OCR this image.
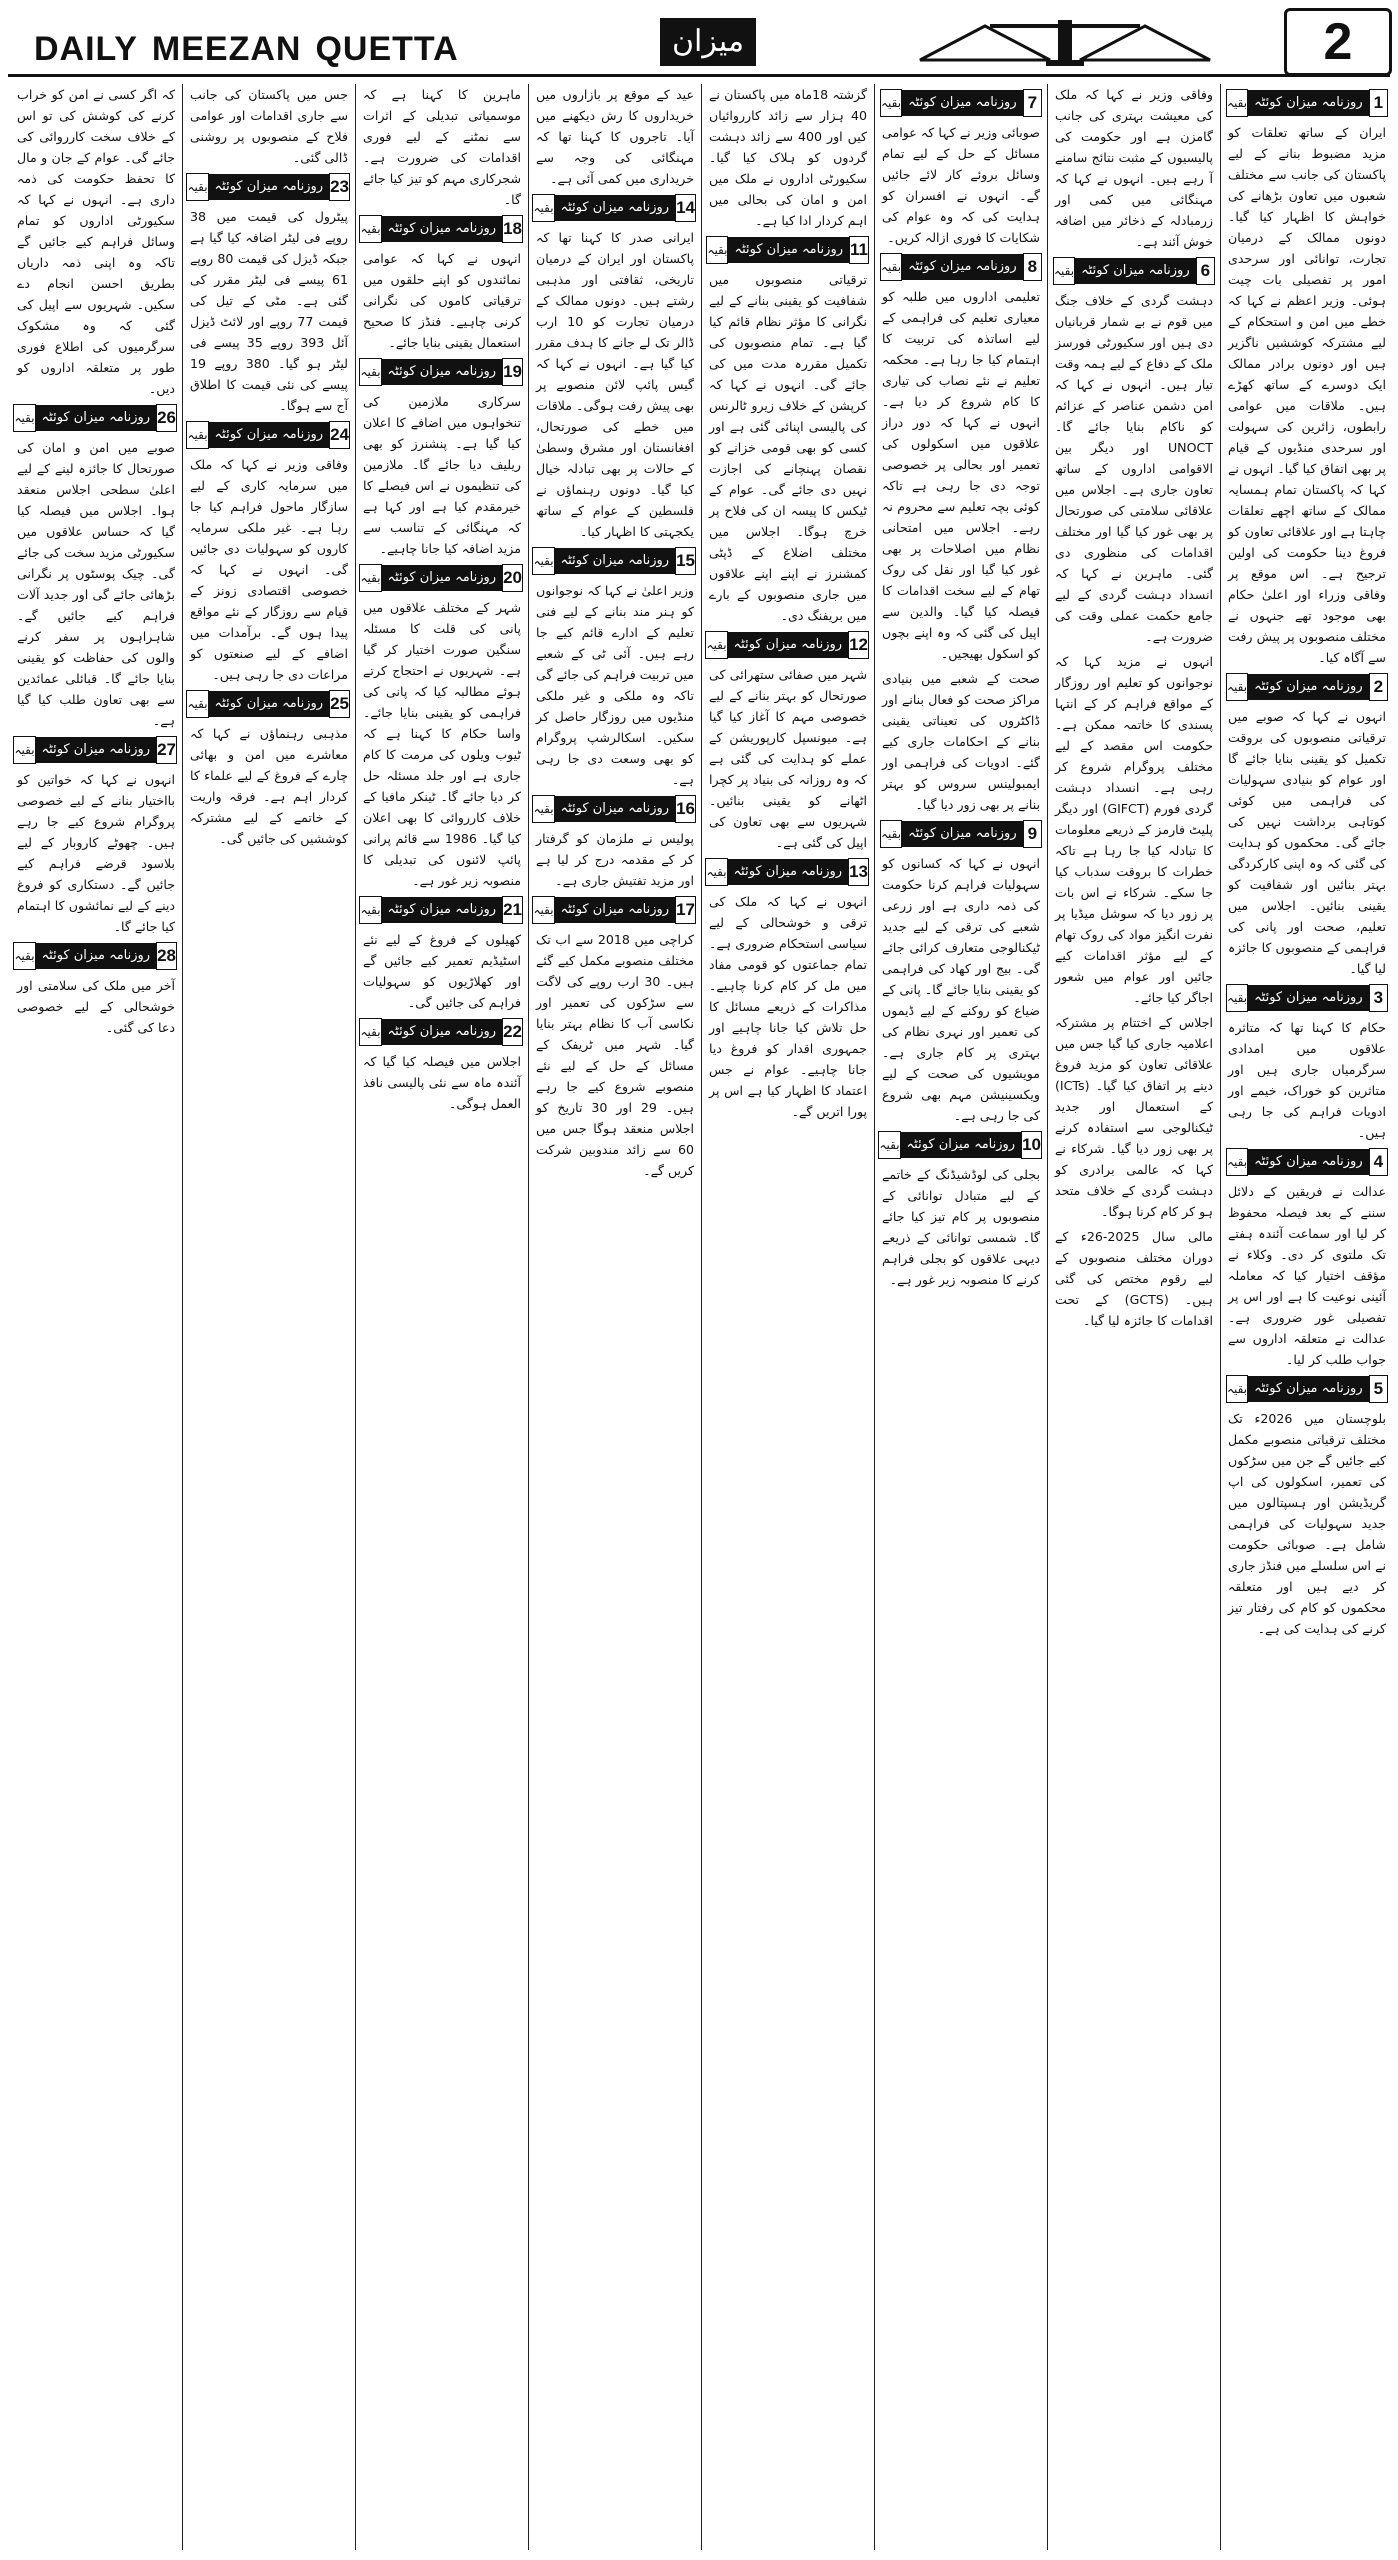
DAILY MEEZAN QUETTA	میزان	2
1
روزنامہ میزان کوئٹہ
بقیہ

ایران کے ساتھ تعلقات کو مزید مضبوط بنانے کے لیے پاکستان کی جانب سے مختلف شعبوں میں تعاون بڑھانے کی خواہش کا اظہار کیا گیا۔ دونوں ممالک کے درمیان تجارت، توانائی اور سرحدی امور پر تفصیلی بات چیت ہوئی۔ وزیر اعظم نے کہا کہ خطے میں امن و استحکام کے لیے مشترکہ کوششیں ناگزیر ہیں اور دونوں برادر ممالک ایک دوسرے کے ساتھ کھڑے ہیں۔ ملاقات میں عوامی رابطوں، زائرین کی سہولت اور سرحدی منڈیوں کے قیام پر بھی اتفاق کیا گیا۔ انہوں نے کہا کہ پاکستان تمام ہمسایہ ممالک کے ساتھ اچھے تعلقات چاہتا ہے اور علاقائی تعاون کو فروغ دینا حکومت کی اولین ترجیح ہے۔ اس موقع پر وفاقی وزراء اور اعلیٰ حکام بھی موجود تھے جنہوں نے مختلف منصوبوں پر پیش رفت سے آگاہ کیا۔

2
روزنامہ میزان کوئٹہ
بقیہ

انہوں نے کہا کہ صوبے میں ترقیاتی منصوبوں کی بروقت تکمیل کو یقینی بنایا جائے گا اور عوام کو بنیادی سہولیات کی فراہمی میں کوئی کوتاہی برداشت نہیں کی جائے گی۔ محکموں کو ہدایت کی گئی کہ وہ اپنی کارکردگی بہتر بنائیں اور شفافیت کو یقینی بنائیں۔ اجلاس میں تعلیم، صحت اور پانی کی فراہمی کے منصوبوں کا جائزہ لیا گیا۔

3
روزنامہ میزان کوئٹہ
بقیہ

حکام کا کہنا تھا کہ متاثرہ علاقوں میں امدادی سرگرمیاں جاری ہیں اور متاثرین کو خوراک، خیمے اور ادویات فراہم کی جا رہی ہیں۔

4
روزنامہ میزان کوئٹہ
بقیہ

عدالت نے فریقین کے دلائل سننے کے بعد فیصلہ محفوظ کر لیا اور سماعت آئندہ ہفتے تک ملتوی کر دی۔ وکلاء نے مؤقف اختیار کیا کہ معاملہ آئینی نوعیت کا ہے اور اس پر تفصیلی غور ضروری ہے۔ عدالت نے متعلقہ اداروں سے جواب طلب کر لیا۔

5
روزنامہ میزان کوئٹہ
بقیہ

بلوچستان میں 2026ء تک مختلف ترقیاتی منصوبے مکمل کیے جائیں گے جن میں سڑکوں کی تعمیر، اسکولوں کی اپ گریڈیشن اور ہسپتالوں میں جدید سہولیات کی فراہمی شامل ہے۔ صوبائی حکومت نے اس سلسلے میں فنڈز جاری کر دیے ہیں اور متعلقہ محکموں کو کام کی رفتار تیز کرنے کی ہدایت کی ہے۔

وفاقی وزیر نے کہا کہ ملک کی معیشت بہتری کی جانب گامزن ہے اور حکومت کی پالیسیوں کے مثبت نتائج سامنے آ رہے ہیں۔ انہوں نے کہا کہ مہنگائی میں کمی اور زرمبادلہ کے ذخائر میں اضافہ خوش آئند ہے۔

6
روزنامہ میزان کوئٹہ
بقیہ

دہشت گردی کے خلاف جنگ میں قوم نے بے شمار قربانیاں دی ہیں اور سکیورٹی فورسز ملک کے دفاع کے لیے ہمہ وقت تیار ہیں۔ انہوں نے کہا کہ امن دشمن عناصر کے عزائم کو ناکام بنایا جائے گا۔ UNOCT اور دیگر بین الاقوامی اداروں کے ساتھ تعاون جاری ہے۔ اجلاس میں علاقائی سلامتی کی صورتحال پر بھی غور کیا گیا اور مختلف اقدامات کی منظوری دی گئی۔ ماہرین نے کہا کہ انسداد دہشت گردی کے لیے جامع حکمت عملی وقت کی ضرورت ہے۔

انہوں نے مزید کہا کہ نوجوانوں کو تعلیم اور روزگار کے مواقع فراہم کر کے انتہا پسندی کا خاتمہ ممکن ہے۔ حکومت اس مقصد کے لیے مختلف پروگرام شروع کر رہی ہے۔ انسداد دہشت گردی فورم (GIFCT) اور دیگر پلیٹ فارمز کے ذریعے معلومات کا تبادلہ کیا جا رہا ہے تاکہ خطرات کا بروقت سدباب کیا جا سکے۔ شرکاء نے اس بات پر زور دیا کہ سوشل میڈیا پر نفرت انگیز مواد کی روک تھام کے لیے مؤثر اقدامات کیے جائیں اور عوام میں شعور اجاگر کیا جائے۔

اجلاس کے اختتام پر مشترکہ اعلامیہ جاری کیا گیا جس میں علاقائی تعاون کو مزید فروغ دینے پر اتفاق کیا گیا۔ (ICTs) کے استعمال اور جدید ٹیکنالوجی سے استفادہ کرنے پر بھی زور دیا گیا۔ شرکاء نے کہا کہ عالمی برادری کو دہشت گردی کے خلاف متحد ہو کر کام کرنا ہوگا۔

مالی سال 2025-26ء کے دوران مختلف منصوبوں کے لیے رقوم مختص کی گئی ہیں۔ (GCTS) کے تحت اقدامات کا جائزہ لیا گیا۔

7
روزنامہ میزان کوئٹہ
بقیہ

صوبائی وزیر نے کہا کہ عوامی مسائل کے حل کے لیے تمام وسائل بروئے کار لائے جائیں گے۔ انہوں نے افسران کو ہدایت کی کہ وہ عوام کی شکایات کا فوری ازالہ کریں۔

8
روزنامہ میزان کوئٹہ
بقیہ

تعلیمی اداروں میں طلبہ کو معیاری تعلیم کی فراہمی کے لیے اساتذہ کی تربیت کا اہتمام کیا جا رہا ہے۔ محکمہ تعلیم نے نئے نصاب کی تیاری کا کام شروع کر دیا ہے۔ انہوں نے کہا کہ دور دراز علاقوں میں اسکولوں کی تعمیر اور بحالی پر خصوصی توجہ دی جا رہی ہے تاکہ کوئی بچہ تعلیم سے محروم نہ رہے۔ اجلاس میں امتحانی نظام میں اصلاحات پر بھی غور کیا گیا اور نقل کی روک تھام کے لیے سخت اقدامات کا فیصلہ کیا گیا۔ والدین سے اپیل کی گئی کہ وہ اپنے بچوں کو اسکول بھیجیں۔

صحت کے شعبے میں بنیادی مراکز صحت کو فعال بنانے اور ڈاکٹروں کی تعیناتی یقینی بنانے کے احکامات جاری کیے گئے۔ ادویات کی فراہمی اور ایمبولینس سروس کو بہتر بنانے پر بھی زور دیا گیا۔

9
روزنامہ میزان کوئٹہ
بقیہ

انہوں نے کہا کہ کسانوں کو سہولیات فراہم کرنا حکومت کی ذمہ داری ہے اور زرعی شعبے کی ترقی کے لیے جدید ٹیکنالوجی متعارف کرائی جائے گی۔ بیج اور کھاد کی فراہمی کو یقینی بنایا جائے گا۔ پانی کے ضیاع کو روکنے کے لیے ڈیموں کی تعمیر اور نہری نظام کی بہتری پر کام جاری ہے۔ مویشیوں کی صحت کے لیے ویکسینیشن مہم بھی شروع کی جا رہی ہے۔

10
روزنامہ میزان کوئٹہ
بقیہ

بجلی کی لوڈشیڈنگ کے خاتمے کے لیے متبادل توانائی کے منصوبوں پر کام تیز کیا جائے گا۔ شمسی توانائی کے ذریعے دیہی علاقوں کو بجلی فراہم کرنے کا منصوبہ زیر غور ہے۔

گزشتہ 18ماہ میں پاکستان نے 40 ہزار سے زائد کارروائیاں کیں اور 400 سے زائد دہشت گردوں کو ہلاک کیا گیا۔ سکیورٹی اداروں نے ملک میں امن و امان کی بحالی میں اہم کردار ادا کیا ہے۔

11
روزنامہ میزان کوئٹہ
بقیہ

ترقیاتی منصوبوں میں شفافیت کو یقینی بنانے کے لیے نگرانی کا مؤثر نظام قائم کیا گیا ہے۔ تمام منصوبوں کی تکمیل مقررہ مدت میں کی جائے گی۔ انہوں نے کہا کہ کرپشن کے خلاف زیرو ٹالرنس کی پالیسی اپنائی گئی ہے اور کسی کو بھی قومی خزانے کو نقصان پہنچانے کی اجازت نہیں دی جائے گی۔ عوام کے ٹیکس کا پیسہ ان کی فلاح پر خرچ ہوگا۔ اجلاس میں مختلف اضلاع کے ڈپٹی کمشنرز نے اپنے اپنے علاقوں میں جاری منصوبوں کے بارے میں بریفنگ دی۔

12
روزنامہ میزان کوئٹہ
بقیہ

شہر میں صفائی ستھرائی کی صورتحال کو بہتر بنانے کے لیے خصوصی مہم کا آغاز کیا گیا ہے۔ میونسپل کارپوریشن کے عملے کو ہدایت کی گئی ہے کہ وہ روزانہ کی بنیاد پر کچرا اٹھانے کو یقینی بنائیں۔ شہریوں سے بھی تعاون کی اپیل کی گئی ہے۔

13
روزنامہ میزان کوئٹہ
بقیہ

انہوں نے کہا کہ ملک کی ترقی و خوشحالی کے لیے سیاسی استحکام ضروری ہے۔ تمام جماعتوں کو قومی مفاد میں مل کر کام کرنا چاہیے۔ مذاکرات کے ذریعے مسائل کا حل تلاش کیا جانا چاہیے اور جمہوری اقدار کو فروغ دیا جانا چاہیے۔ عوام نے جس اعتماد کا اظہار کیا ہے اس پر پورا اتریں گے۔

عید کے موقع پر بازاروں میں خریداروں کا رش دیکھنے میں آیا۔ تاجروں کا کہنا تھا کہ مہنگائی کی وجہ سے خریداری میں کمی آئی ہے۔

14
روزنامہ میزان کوئٹہ
بقیہ

ایرانی صدر کا کہنا تھا کہ پاکستان اور ایران کے درمیان تاریخی، ثقافتی اور مذہبی رشتے ہیں۔ دونوں ممالک کے درمیان تجارت کو 10 ارب ڈالر تک لے جانے کا ہدف مقرر کیا گیا ہے۔ انہوں نے کہا کہ گیس پائپ لائن منصوبے پر بھی پیش رفت ہوگی۔ ملاقات میں خطے کی صورتحال، افغانستان اور مشرق وسطیٰ کے حالات پر بھی تبادلہ خیال کیا گیا۔ دونوں رہنماؤں نے فلسطین کے عوام کے ساتھ یکجہتی کا اظہار کیا۔

15
روزنامہ میزان کوئٹہ
بقیہ

وزیر اعلیٰ نے کہا کہ نوجوانوں کو ہنر مند بنانے کے لیے فنی تعلیم کے ادارے قائم کیے جا رہے ہیں۔ آئی ٹی کے شعبے میں تربیت فراہم کی جائے گی تاکہ وہ ملکی و غیر ملکی منڈیوں میں روزگار حاصل کر سکیں۔ اسکالرشپ پروگرام کو بھی وسعت دی جا رہی ہے۔

16
روزنامہ میزان کوئٹہ
بقیہ

پولیس نے ملزمان کو گرفتار کر کے مقدمہ درج کر لیا ہے اور مزید تفتیش جاری ہے۔

17
روزنامہ میزان کوئٹہ
بقیہ

کراچی میں 2018 سے اب تک مختلف منصوبے مکمل کیے گئے ہیں۔ 30 ارب روپے کی لاگت سے سڑکوں کی تعمیر اور نکاسی آب کا نظام بہتر بنایا گیا۔ شہر میں ٹریفک کے مسائل کے حل کے لیے نئے منصوبے شروع کیے جا رہے ہیں۔ 29 اور 30 تاریخ کو اجلاس منعقد ہوگا جس میں 60 سے زائد مندوبین شرکت کریں گے۔

ماہرین کا کہنا ہے کہ موسمیاتی تبدیلی کے اثرات سے نمٹنے کے لیے فوری اقدامات کی ضرورت ہے۔ شجرکاری مہم کو تیز کیا جائے گا۔

18
روزنامہ میزان کوئٹہ
بقیہ

انہوں نے کہا کہ عوامی نمائندوں کو اپنے حلقوں میں ترقیاتی کاموں کی نگرانی کرنی چاہیے۔ فنڈز کا صحیح استعمال یقینی بنایا جائے۔

19
روزنامہ میزان کوئٹہ
بقیہ

سرکاری ملازمین کی تنخواہوں میں اضافے کا اعلان کیا گیا ہے۔ پنشنرز کو بھی ریلیف دیا جائے گا۔ ملازمین کی تنظیموں نے اس فیصلے کا خیرمقدم کیا ہے اور کہا ہے کہ مہنگائی کے تناسب سے مزید اضافہ کیا جانا چاہیے۔

20
روزنامہ میزان کوئٹہ
بقیہ

شہر کے مختلف علاقوں میں پانی کی قلت کا مسئلہ سنگین صورت اختیار کر گیا ہے۔ شہریوں نے احتجاج کرتے ہوئے مطالبہ کیا کہ پانی کی فراہمی کو یقینی بنایا جائے۔ واسا حکام کا کہنا ہے کہ ٹیوب ویلوں کی مرمت کا کام جاری ہے اور جلد مسئلہ حل کر دیا جائے گا۔ ٹینکر مافیا کے خلاف کارروائی کا بھی اعلان کیا گیا۔ 1986 سے قائم پرانی پائپ لائنوں کی تبدیلی کا منصوبہ زیر غور ہے۔

21
روزنامہ میزان کوئٹہ
بقیہ

کھیلوں کے فروغ کے لیے نئے اسٹیڈیم تعمیر کیے جائیں گے اور کھلاڑیوں کو سہولیات فراہم کی جائیں گی۔

22
روزنامہ میزان کوئٹہ
بقیہ

اجلاس میں فیصلہ کیا گیا کہ آئندہ ماہ سے نئی پالیسی نافذ العمل ہوگی۔

جس میں پاکستان کی جانب سے جاری اقدامات اور عوامی فلاح کے منصوبوں پر روشنی ڈالی گئی۔

23
روزنامہ میزان کوئٹہ
بقیہ

پیٹرول کی قیمت میں 38 روپے فی لیٹر اضافہ کیا گیا ہے جبکہ ڈیزل کی قیمت 80 روپے 61 پیسے فی لیٹر مقرر کی گئی ہے۔ مٹی کے تیل کی قیمت 77 روپے اور لائٹ ڈیزل آئل 393 روپے 35 پیسے فی لیٹر ہو گیا۔ 380 روپے 19 پیسے کی نئی قیمت کا اطلاق آج سے ہوگا۔

24
روزنامہ میزان کوئٹہ
بقیہ

وفاقی وزیر نے کہا کہ ملک میں سرمایہ کاری کے لیے سازگار ماحول فراہم کیا جا رہا ہے۔ غیر ملکی سرمایہ کاروں کو سہولیات دی جائیں گی۔ انہوں نے کہا کہ خصوصی اقتصادی زونز کے قیام سے روزگار کے نئے مواقع پیدا ہوں گے۔ برآمدات میں اضافے کے لیے صنعتوں کو مراعات دی جا رہی ہیں۔

25
روزنامہ میزان کوئٹہ
بقیہ

مذہبی رہنماؤں نے کہا کہ معاشرے میں امن و بھائی چارے کے فروغ کے لیے علماء کا کردار اہم ہے۔ فرقہ واریت کے خاتمے کے لیے مشترکہ کوششیں کی جائیں گی۔

کہ اگر کسی نے امن کو خراب کرنے کی کوشش کی تو اس کے خلاف سخت کارروائی کی جائے گی۔ عوام کے جان و مال کا تحفظ حکومت کی ذمہ داری ہے۔ انہوں نے کہا کہ سکیورٹی اداروں کو تمام وسائل فراہم کیے جائیں گے تاکہ وہ اپنی ذمہ داریاں بطریق احسن انجام دے سکیں۔ شہریوں سے اپیل کی گئی کہ وہ مشکوک سرگرمیوں کی اطلاع فوری طور پر متعلقہ اداروں کو دیں۔

26
روزنامہ میزان کوئٹہ
بقیہ

صوبے میں امن و امان کی صورتحال کا جائزہ لینے کے لیے اعلیٰ سطحی اجلاس منعقد ہوا۔ اجلاس میں فیصلہ کیا گیا کہ حساس علاقوں میں سکیورٹی مزید سخت کی جائے گی۔ چیک پوسٹوں پر نگرانی بڑھائی جائے گی اور جدید آلات فراہم کیے جائیں گے۔ شاہراہوں پر سفر کرنے والوں کی حفاظت کو یقینی بنایا جائے گا۔ قبائلی عمائدین سے بھی تعاون طلب کیا گیا ہے۔

27
روزنامہ میزان کوئٹہ
بقیہ

انہوں نے کہا کہ خواتین کو بااختیار بنانے کے لیے خصوصی پروگرام شروع کیے جا رہے ہیں۔ چھوٹے کاروبار کے لیے بلاسود قرضے فراہم کیے جائیں گے۔ دستکاری کو فروغ دینے کے لیے نمائشوں کا اہتمام کیا جائے گا۔

28
روزنامہ میزان کوئٹہ
بقیہ

آخر میں ملک کی سلامتی اور خوشحالی کے لیے خصوصی دعا کی گئی۔
